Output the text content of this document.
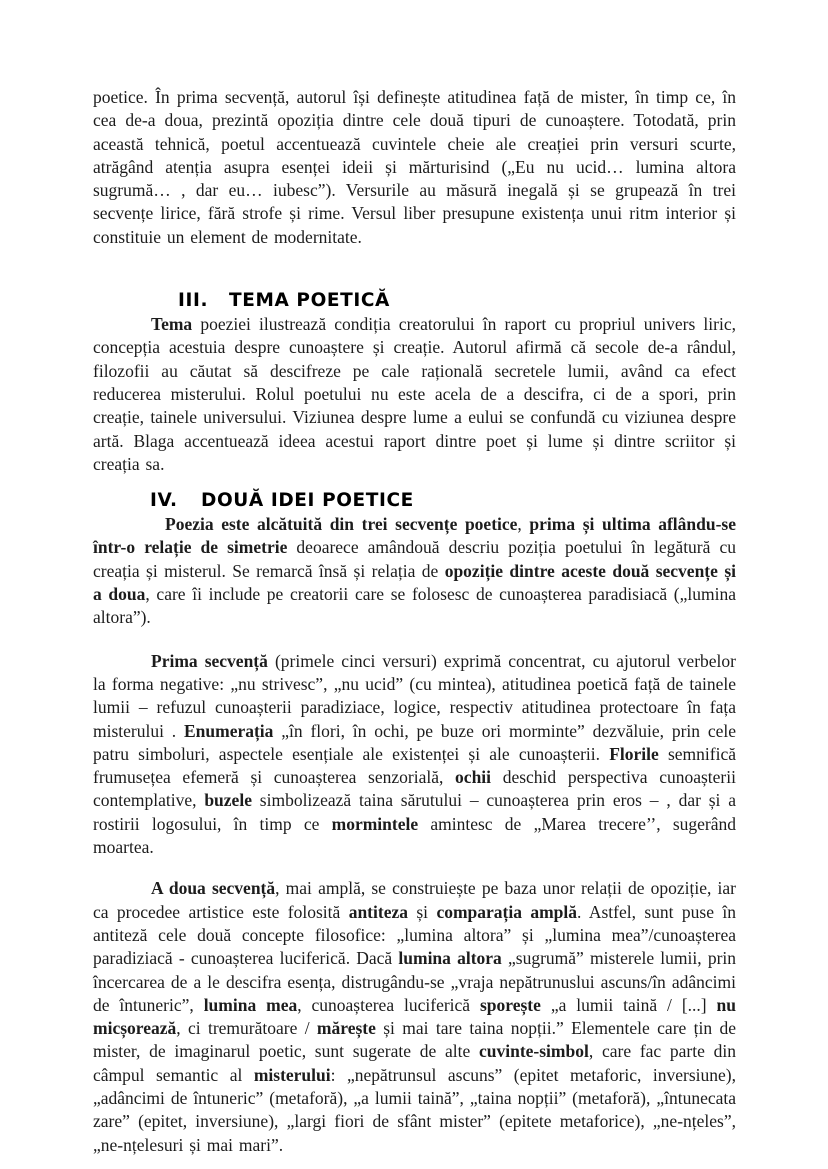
poetice. În prima secvență, autorul își definește atitudinea față de mister, în timp ce, în cea de-a doua, prezintă opoziția dintre cele două tipuri de cunoaștere. Totodată, prin această tehnică, poetul accentuează cuvintele cheie ale creației prin versuri scurte, atrăgând atenția asupra esenței ideii și mărturisind („Eu nu ucid… lumina altora sugrumă… , dar eu… iubesc”). Versurile au măsură inegală și se grupează în trei secvențe lirice, fără strofe și rime. Versul liber presupune existența unui ritm interior și constituie un element de modernitate.

III.	TEMA POETICĂ

Tema poeziei ilustrează condiția creatorului în raport cu propriul univers liric, concepția acestuia despre cunoaștere și creație. Autorul afirmă că secole de-a rândul, filozofii au căutat să descifreze pe cale rațională secretele lumii, având ca efect reducerea misterului. Rolul poetului nu este acela de a descifra, ci de a spori, prin creație, tainele universului. Viziunea despre lume a eului se confundă cu viziunea despre artă. Blaga accentuează ideea acestui raport dintre poet și lume și dintre scriitor și creația sa.

IV.	DOUĂ IDEI POETICE

Poezia este alcătuită din trei secvențe poetice, prima și ultima aflându-se într-o relație de simetrie deoarece amândouă descriu poziția poetului în legătură cu creația și misterul. Se remarcă însă și relația de opoziție dintre aceste două secvențe și a doua, care îi include pe creatorii care se folosesc de cunoașterea paradisiacă („lumina altora”).

Prima secvență (primele cinci versuri) exprimă concentrat, cu ajutorul verbelor la forma negative: „nu strivesc”, „nu ucid” (cu mintea), atitudinea poetică față de tainele lumii – refuzul cunoașterii paradiziace, logice, respectiv atitudinea protectoare în fața misterului . Enumerația „în flori, în ochi, pe buze ori morminte” dezvăluie, prin cele patru simboluri, aspectele esențiale ale existenței și ale cunoașterii. Florile semnifică frumusețea efemeră și cunoașterea senzorială, ochii deschid perspectiva cunoașterii contemplative, buzele simbolizează taina sărutului – cunoașterea prin eros – , dar și a rostirii logosului, în timp ce mormintele amintesc de „Marea trecere’’, sugerând moartea.

A doua secvență, mai amplă, se construiește pe baza unor relații de opoziție, iar ca procedee artistice este folosită antiteza și comparația amplă. Astfel, sunt puse în antiteză cele două concepte filosofice: „lumina altora” și „lumina mea”/cunoașterea paradiziacă - cunoașterea luciferică. Dacă lumina altora „sugrumă” misterele lumii, prin încercarea de a le descifra esența, distrugându-se „vraja nepătrunuslui ascuns/în adâncimi de întuneric”, lumina mea, cunoașterea luciferică sporește „a lumii taină / [...] nu micșorează, ci tremurătoare / mărește și mai tare taina nopții.” Elementele care țin de mister, de imaginarul poetic, sunt sugerate de alte cuvinte-simbol, care fac parte din câmpul semantic al misterului: „nepătrunsul ascuns” (epitet metaforic, inversiune), „adâncimi de întuneric” (metaforă), „a lumii taină”, „taina nopții” (metaforă), „întunecata zare” (epitet, inversiune), „largi fiori de sfânt mister” (epitete metaforice), „ne-nțeles”, „ne-nțelesuri și mai mari”.
